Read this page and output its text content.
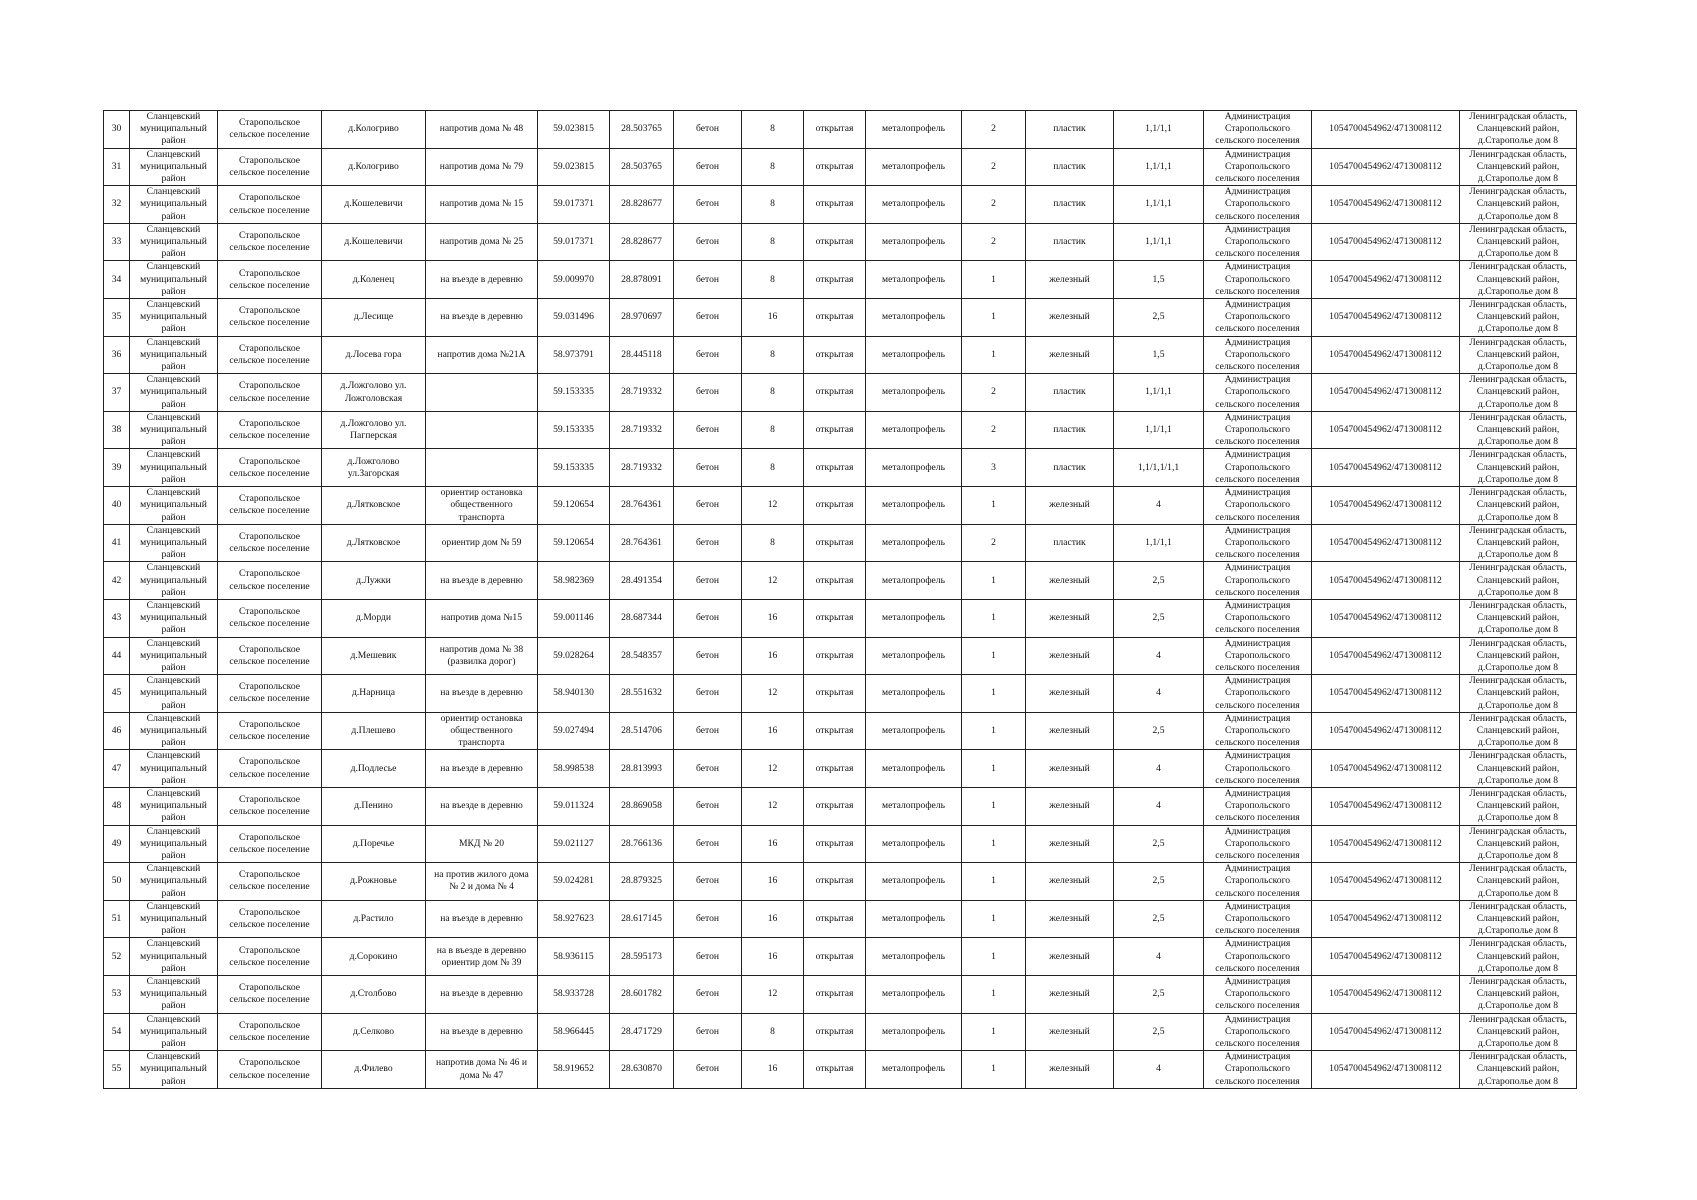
30	Сланцевский
муниципальный
район	Старопольское
сельское поселение	д.Кологриво	напротив дома № 48	59.023815	28.503765	бетон	8	открытая	металопрофель	2	пластик	1,1/1,1	Администрация
Старопольского
сельского поселения	1054700454962/4713008112	Ленинградская область,
Сланцевский район,
д.Старополье дом 8

31	Сланцевский
муниципальный
район	Старопольское
сельское поселение	д.Кологриво	напротив дома № 79	59.023815	28.503765	бетон	8	открытая	металопрофель	2	пластик	1,1/1,1	Администрация
Старопольского
сельского поселения	1054700454962/4713008112	Ленинградская область,
Сланцевский район,
д.Старополье дом 8

32	Сланцевский
муниципальный
район	Старопольское
сельское поселение	д.Кошелевичи	напротив дома № 15	59.017371	28.828677	бетон	8	открытая	металопрофель	2	пластик	1,1/1,1	Администрация
Старопольского
сельского поселения	1054700454962/4713008112	Ленинградская область,
Сланцевский район,
д.Старополье дом 8

33	Сланцевский
муниципальный
район	Старопольское
сельское поселение	д.Кошелевичи	напротив дома № 25	59.017371	28.828677	бетон	8	открытая	металопрофель	2	пластик	1,1/1,1	Администрация
Старопольского
сельского поселения	1054700454962/4713008112	Ленинградская область,
Сланцевский район,
д.Старополье дом 8

34	Сланцевский
муниципальный
район	Старопольское
сельское поселение	д.Коленец	на въезде в деревню	59.009970	28.878091	бетон	8	открытая	металопрофель	1	железный	1,5	Администрация
Старопольского
сельского поселения	1054700454962/4713008112	Ленинградская область,
Сланцевский район,
д.Старополье дом 8

35	Сланцевский
муниципальный
район	Старопольское
сельское поселение	д.Лесище	на въезде в деревню	59.031496	28.970697	бетон	16	открытая	металопрофель	1	железный	2,5	Администрация
Старопольского
сельского поселения	1054700454962/4713008112	Ленинградская область,
Сланцевский район,
д.Старополье дом 8

36	Сланцевский
муниципальный
район	Старопольское
сельское поселение	д.Лосева гора	напротив дома №21А	58.973791	28.445118	бетон	8	открытая	металопрофель	1	железный	1,5	Администрация
Старопольского
сельского поселения	1054700454962/4713008112	Ленинградская область,
Сланцевский район,
д.Старополье дом 8

37	Сланцевский
муниципальный
район	Старопольское
сельское поселение	д.Ложголово ул.
Ложголовская		59.153335	28.719332	бетон	8	открытая	металопрофель	2	пластик	1,1/1,1	Администрация
Старопольского
сельского поселения	1054700454962/4713008112	Ленинградская область,
Сланцевский район,
д.Старополье дом 8

38	Сланцевский
муниципальный
район	Старопольское
сельское поселение	д.Ложголово ул.
Пагперская		59.153335	28.719332	бетон	8	открытая	металопрофель	2	пластик	1,1/1,1	Администрация
Старопольского
сельского поселения	1054700454962/4713008112	Ленинградская область,
Сланцевский район,
д.Старополье дом 8

39	Сланцевский
муниципальный
район	Старопольское
сельское поселение	д.Ложголово
ул.Загорская		59.153335	28.719332	бетон	8	открытая	металопрофель	3	пластик	1,1/1,1/1,1	Администрация
Старопольского
сельского поселения	1054700454962/4713008112	Ленинградская область,
Сланцевский район,
д.Старополье дом 8

40	Сланцевский
муниципальный
район	Старопольское
сельское поселение	д.Лятковское	ориентир остановка
общественного
транспорта	59.120654	28.764361	бетон	12	открытая	металопрофель	1	железный	4	Администрация
Старопольского
сельского поселения	1054700454962/4713008112	Ленинградская область,
Сланцевский район,
д.Старополье дом 8

41	Сланцевский
муниципальный
район	Старопольское
сельское поселение	д.Лятковское	ориентир дом № 59	59.120654	28.764361	бетон	8	открытая	металопрофель	2	пластик	1,1/1,1	Администрация
Старопольского
сельского поселения	1054700454962/4713008112	Ленинградская область,
Сланцевский район,
д.Старополье дом 8

42	Сланцевский
муниципальный
район	Старопольское
сельское поселение	д.Лужки	на въезде в деревню	58.982369	28.491354	бетон	12	открытая	металопрофель	1	железный	2,5	Администрация
Старопольского
сельского поселения	1054700454962/4713008112	Ленинградская область,
Сланцевский район,
д.Старополье дом 8

43	Сланцевский
муниципальный
район	Старопольское
сельское поселение	д.Морди	напротив дома №15	59.001146	28.687344	бетон	16	открытая	металопрофель	1	железный	2,5	Администрация
Старопольского
сельского поселения	1054700454962/4713008112	Ленинградская область,
Сланцевский район,
д.Старополье дом 8

44	Сланцевский
муниципальный
район	Старопольское
сельское поселение	д.Мешевик	напротив дома № 38
(развилка дорог)	59.028264	28.548357	бетон	16	открытая	металопрофель	1	железный	4	Администрация
Старопольского
сельского поселения	1054700454962/4713008112	Ленинградская область,
Сланцевский район,
д.Старополье дом 8

45	Сланцевский
муниципальный
район	Старопольское
сельское поселение	д.Нарница	на въезде в деревню	58.940130	28.551632	бетон	12	открытая	металопрофель	1	железный	4	Администрация
Старопольского
сельского поселения	1054700454962/4713008112	Ленинградская область,
Сланцевский район,
д.Старополье дом 8

46	Сланцевский
муниципальный
район	Старопольское
сельское поселение	д.Плешево	ориентир остановка
общественного
транспорта	59.027494	28.514706	бетон	16	открытая	металопрофель	1	железный	2,5	Администрация
Старопольского
сельского поселения	1054700454962/4713008112	Ленинградская область,
Сланцевский район,
д.Старополье дом 8

47	Сланцевский
муниципальный
район	Старопольское
сельское поселение	д.Подлесье	на въезде в деревню	58.998538	28.813993	бетон	12	открытая	металопрофель	1	железный	4	Администрация
Старопольского
сельского поселения	1054700454962/4713008112	Ленинградская область,
Сланцевский район,
д.Старополье дом 8

48	Сланцевский
муниципальный
район	Старопольское
сельское поселение	д.Пенино	на въезде в деревню	59.011324	28.869058	бетон	12	открытая	металопрофель	1	железный	4	Администрация
Старопольского
сельского поселения	1054700454962/4713008112	Ленинградская область,
Сланцевский район,
д.Старополье дом 8

49	Сланцевский
муниципальный
район	Старопольское
сельское поселение	д.Поречье	МКД № 20	59.021127	28.766136	бетон	16	открытая	металопрофель	1	железный	2,5	Администрация
Старопольского
сельского поселения	1054700454962/4713008112	Ленинградская область,
Сланцевский район,
д.Старополье дом 8

50	Сланцевский
муниципальный
район	Старопольское
сельское поселение	д.Рожновье	на против жилого дома
№ 2 и дома № 4	59.024281	28.879325	бетон	16	открытая	металопрофель	1	железный	2,5	Администрация
Старопольского
сельского поселения	1054700454962/4713008112	Ленинградская область,
Сланцевский район,
д.Старополье дом 8

51	Сланцевский
муниципальный
район	Старопольское
сельское поселение	д.Растило	на въезде в деревню	58.927623	28.617145	бетон	16	открытая	металопрофель	1	железный	2,5	Администрация
Старопольского
сельского поселения	1054700454962/4713008112	Ленинградская область,
Сланцевский район,
д.Старополье дом 8

52	Сланцевский
муниципальный
район	Старопольское
сельское поселение	д.Сорокино	на в въезде в деревню
ориентир дом № 39	58.936115	28.595173	бетон	16	открытая	металопрофель	1	железный	4	Администрация
Старопольского
сельского поселения	1054700454962/4713008112	Ленинградская область,
Сланцевский район,
д.Старополье дом 8

53	Сланцевский
муниципальный
район	Старопольское
сельское поселение	д.Столбово	на въезде в деревню	58.933728	28.601782	бетон	12	открытая	металопрофель	1	железный	2,5	Администрация
Старопольского
сельского поселения	1054700454962/4713008112	Ленинградская область,
Сланцевский район,
д.Старополье дом 8

54	Сланцевский
муниципальный
район	Старопольское
сельское поселение	д.Селково	на въезде в деревню	58.966445	28.471729	бетон	8	открытая	металопрофель	1	железный	2,5	Администрация
Старопольского
сельского поселения	1054700454962/4713008112	Ленинградская область,
Сланцевский район,
д.Старополье дом 8

55	Сланцевский
муниципальный
район	Старопольское
сельское поселение	д.Филево	напротив дома № 46 и
дома № 47	58.919652	28.630870	бетон	16	открытая	металопрофель	1	железный	4	Администрация
Старопольского
сельского поселения	1054700454962/4713008112	Ленинградская область,
Сланцевский район,
д.Старополье дом 8
